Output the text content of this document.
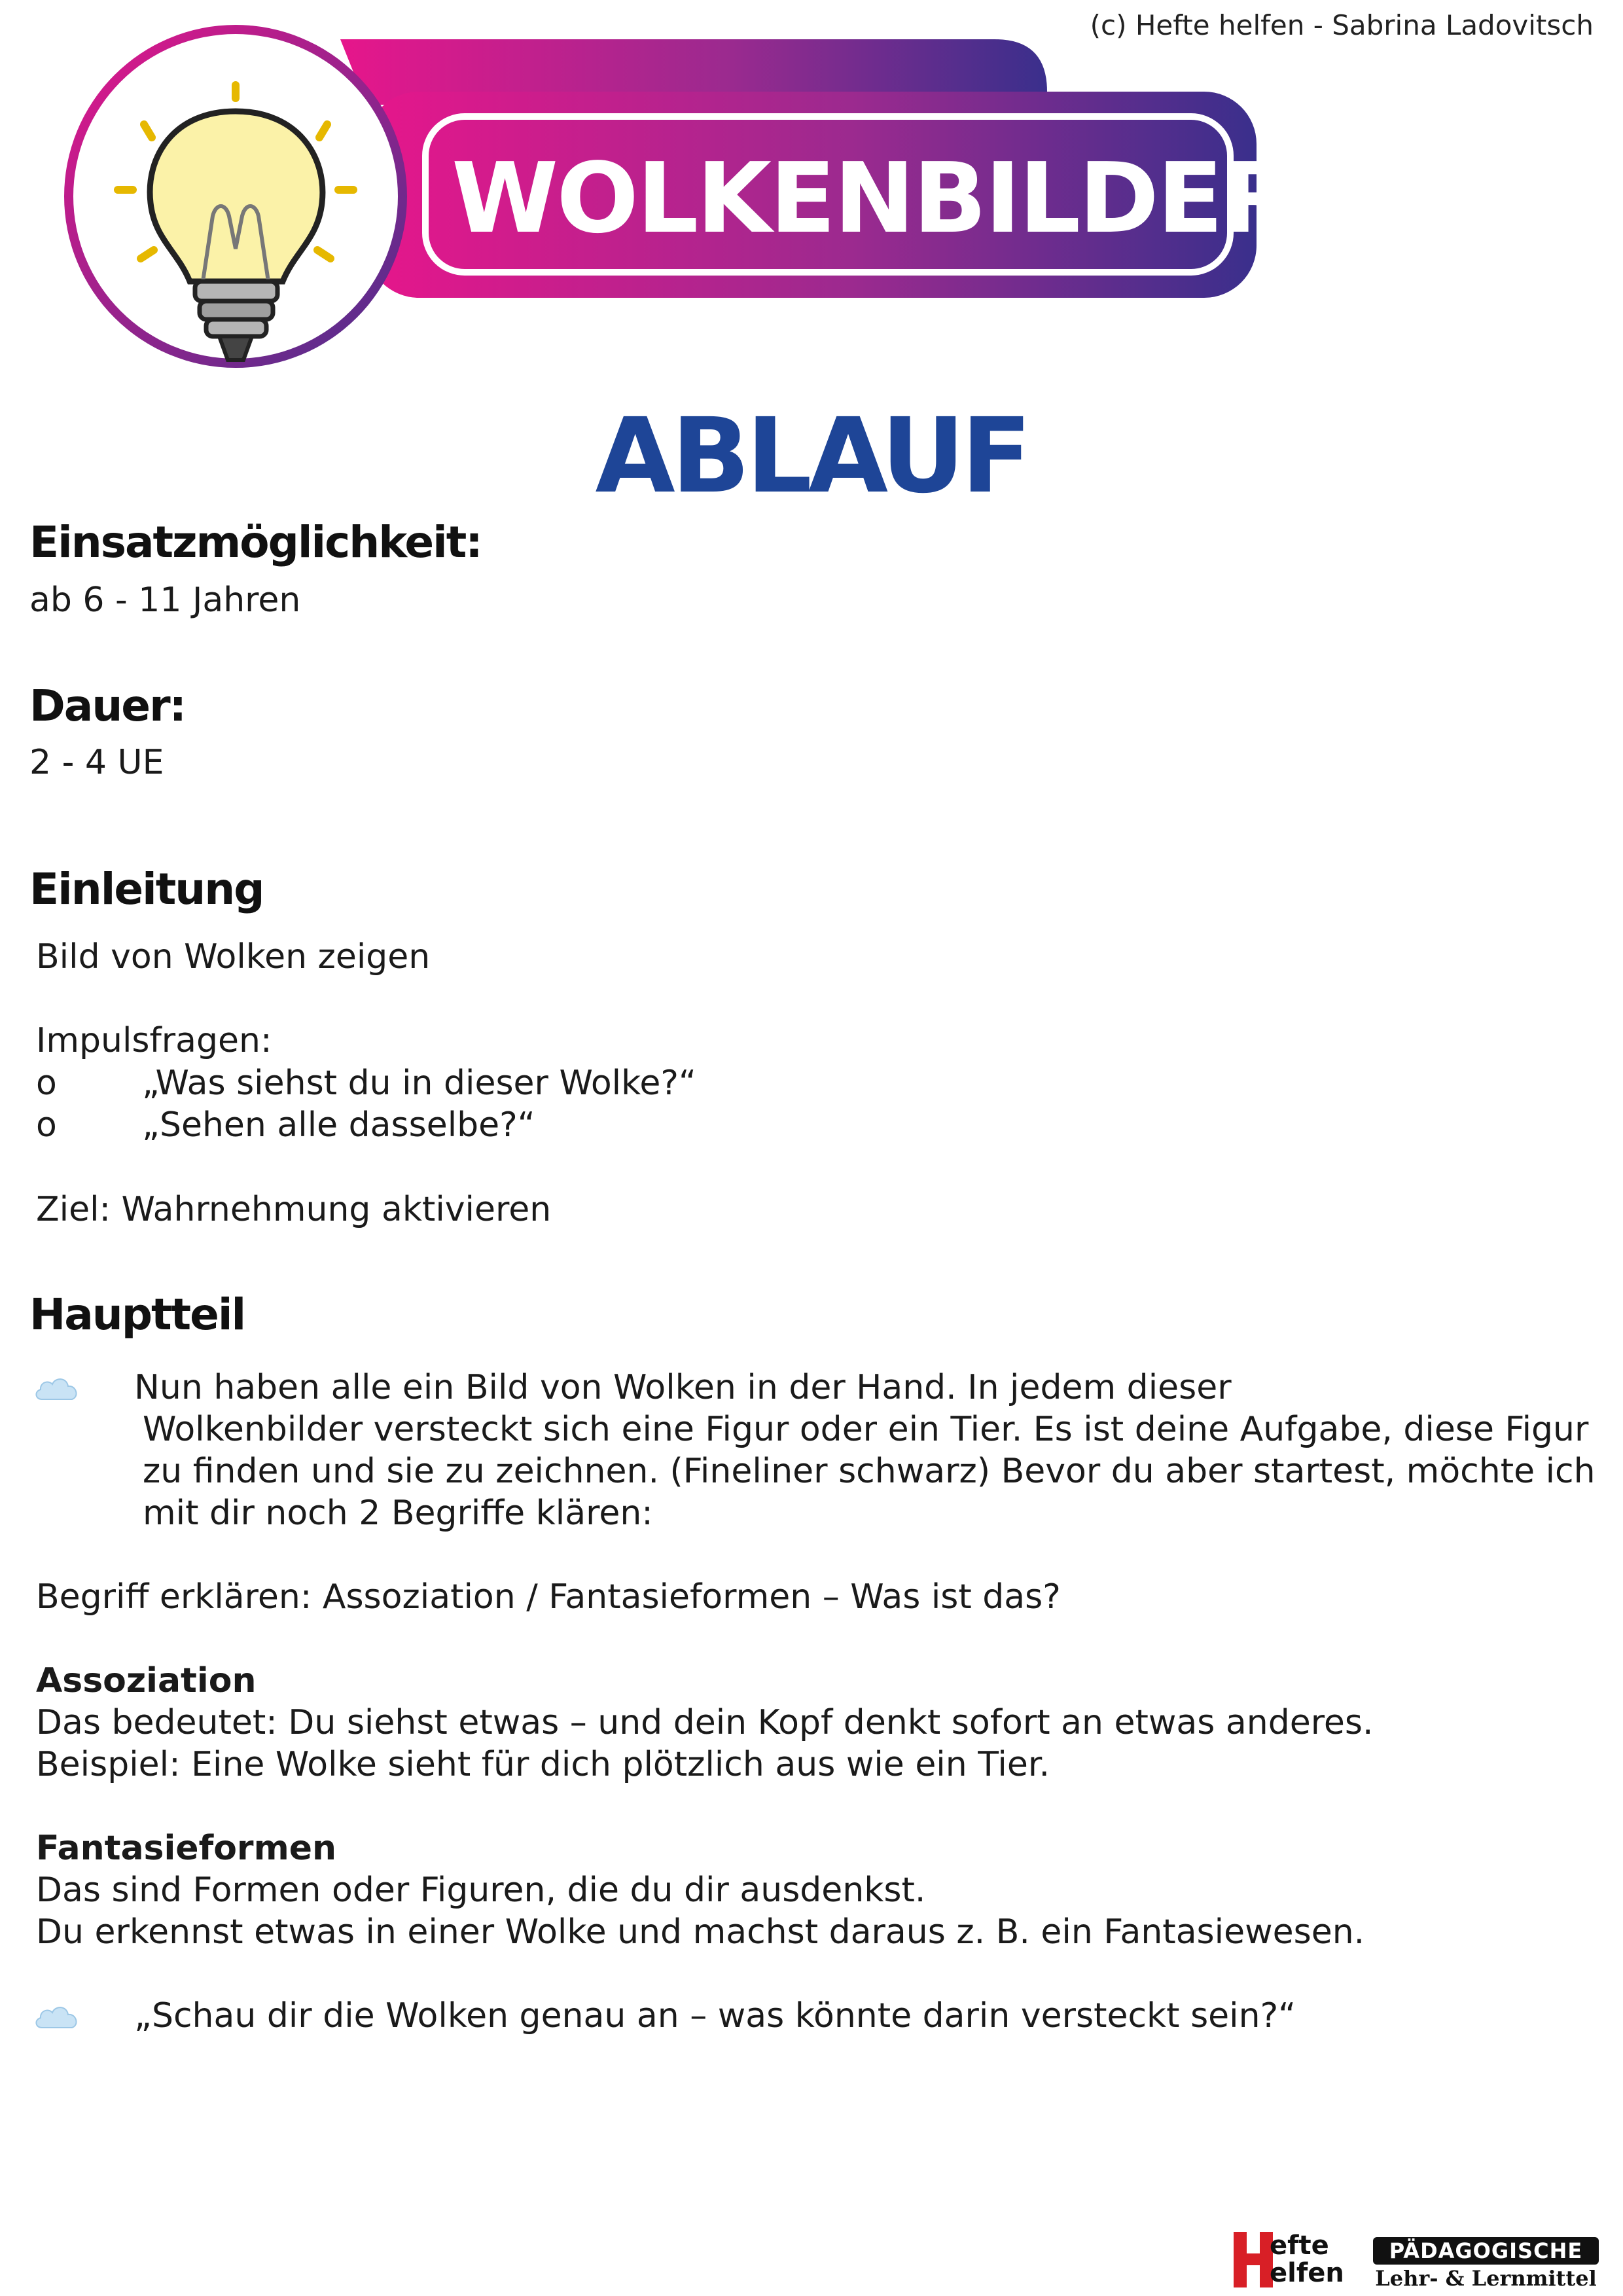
(c) Hefte helfen - Sabrina Ladovitsch
WOLKENBILDER
ABLAUF
Einsatzmöglichkeit:
ab 6 - 11 Jahren
Dauer:
2 - 4 UE
Einleitung
Bild von Wolken zeigen
Impulsfragen:
o	„Was siehst du in dieser Wolke?“
o	„Sehen alle dasselbe?“
Ziel: Wahrnehmung aktivieren
Hauptteil
Nun haben alle ein Bild von Wolken in der Hand. In jedem dieser
Wolkenbilder versteckt sich eine Figur oder ein Tier. Es ist deine Aufgabe, diese Figur
zu finden und sie zu zeichnen. (Fineliner schwarz) Bevor du aber startest, möchte ich
mit dir noch 2 Begriffe klären:
Begriff erklären: Assoziation / Fantasieformen – Was ist das?
Assoziation
Das bedeutet: Du siehst etwas – und dein Kopf denkt sofort an etwas anderes.
Beispiel: Eine Wolke sieht für dich plötzlich aus wie ein Tier.
Fantasieformen
Das sind Formen oder Figuren, die du dir ausdenkst.
Du erkennst etwas in einer Wolke und machst daraus z. B. ein Fantasiewesen.
„Schau dir die Wolken genau an – was könnte darin versteckt sein?“
efte
elfen
PÄDAGOGISCHE
Lehr- & Lernmittel
